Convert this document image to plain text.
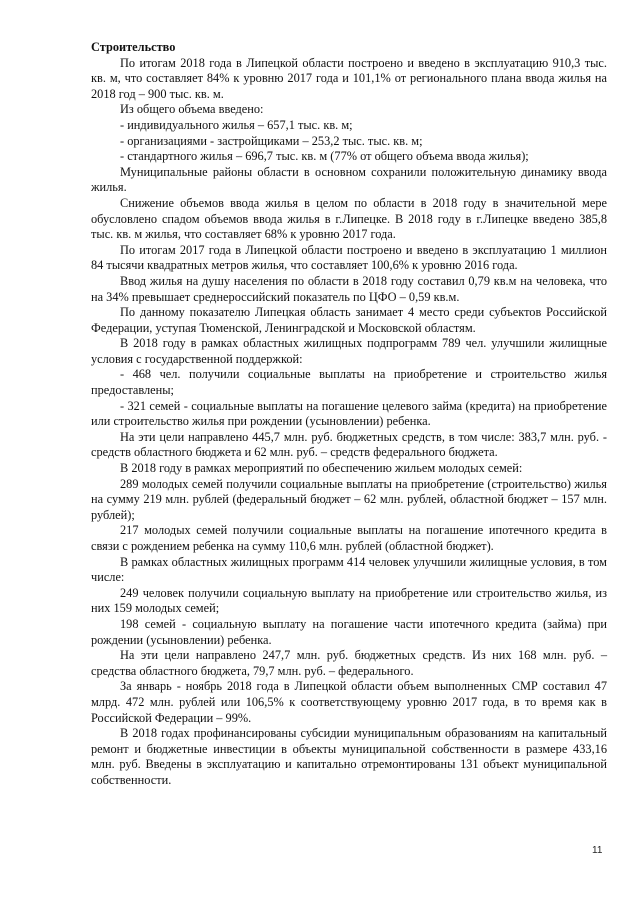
Строительство

По итогам 2018 года в Липецкой области построено и введено в эксплуатацию 910,3 тыс. кв. м, что составляет 84% к уровню 2017 года и 101,1% от регионального плана ввода жилья на 2018 год – 900 тыс. кв. м.

Из общего объема введено:

- индивидуального жилья – 657,1 тыс. кв. м;

- организациями - застройщиками – 253,2 тыс. тыс. кв. м;

- стандартного жилья – 696,7 тыс. кв. м (77% от общего объема ввода жилья);

Муниципальные районы области в основном сохранили положительную динамику ввода жилья.

Снижение объемов ввода жилья в целом по области в 2018 году в значительной мере обусловлено спадом объемов ввода жилья в г.Липецке. В 2018 году в г.Липецке введено 385,8 тыс. кв. м жилья, что составляет 68% к уровню 2017 года.

По итогам 2017 года в Липецкой области построено и введено в эксплуатацию 1 миллион 84 тысячи квадратных метров жилья, что составляет 100,6% к уровню 2016 года.

Ввод жилья на душу населения по области в 2018 году составил 0,79 кв.м на человека, что на 34% превышает среднероссийский показатель по ЦФО – 0,59 кв.м.

По данному показателю Липецкая область занимает 4 место среди субъектов Российской Федерации, уступая Тюменской, Ленинградской и Московской областям.

В 2018 году в рамках областных жилищных подпрограмм 789 чел. улучшили жилищные условия с государственной поддержкой:

- 468 чел. получили социальные выплаты на приобретение и строительство жилья предоставлены;

- 321 семей - социальные выплаты на погашение целевого займа (кредита) на приобретение или строительство жилья при рождении (усыновлении) ребенка.

На эти цели направлено 445,7 млн. руб. бюджетных средств, в том числе: 383,7 млн. руб. - средств областного бюджета и 62 млн. руб. – средств федерального бюджета.

В 2018 году в рамках мероприятий по обеспечению жильем молодых семей:

289 молодых семей получили социальные выплаты на приобретение (строительство) жилья на сумму 219 млн. рублей (федеральный бюджет – 62 млн. рублей, областной бюджет – 157 млн. рублей);

217 молодых семей получили социальные выплаты на погашение ипотечного кредита в связи с рождением ребенка на сумму 110,6 млн. рублей (областной бюджет).

В рамках областных жилищных программ 414 человек улучшили жилищные условия, в том числе:

249 человек получили социальную выплату на приобретение или строительство жилья, из них 159 молодых семей;

198 семей - социальную выплату на погашение части ипотечного кредита (займа) при рождении (усыновлении) ребенка.

На эти цели направлено 247,7 млн. руб. бюджетных средств. Из них 168 млн. руб. – средства областного бюджета, 79,7 млн. руб. – федерального.

За январь - ноябрь 2018 года в Липецкой области объем выполненных СМР составил 47 млрд. 472 млн. рублей или 106,5% к соответствующему уровню 2017 года, в то время как в Российской Федерации – 99%.

В 2018 годах профинансированы субсидии муниципальным образованиям на капитальный ремонт и бюджетные инвестиции в объекты муниципальной собственности в размере 433,16 млн. руб. Введены в эксплуатацию и капитально отремонтированы 131 объект муниципальной собственности.

11
